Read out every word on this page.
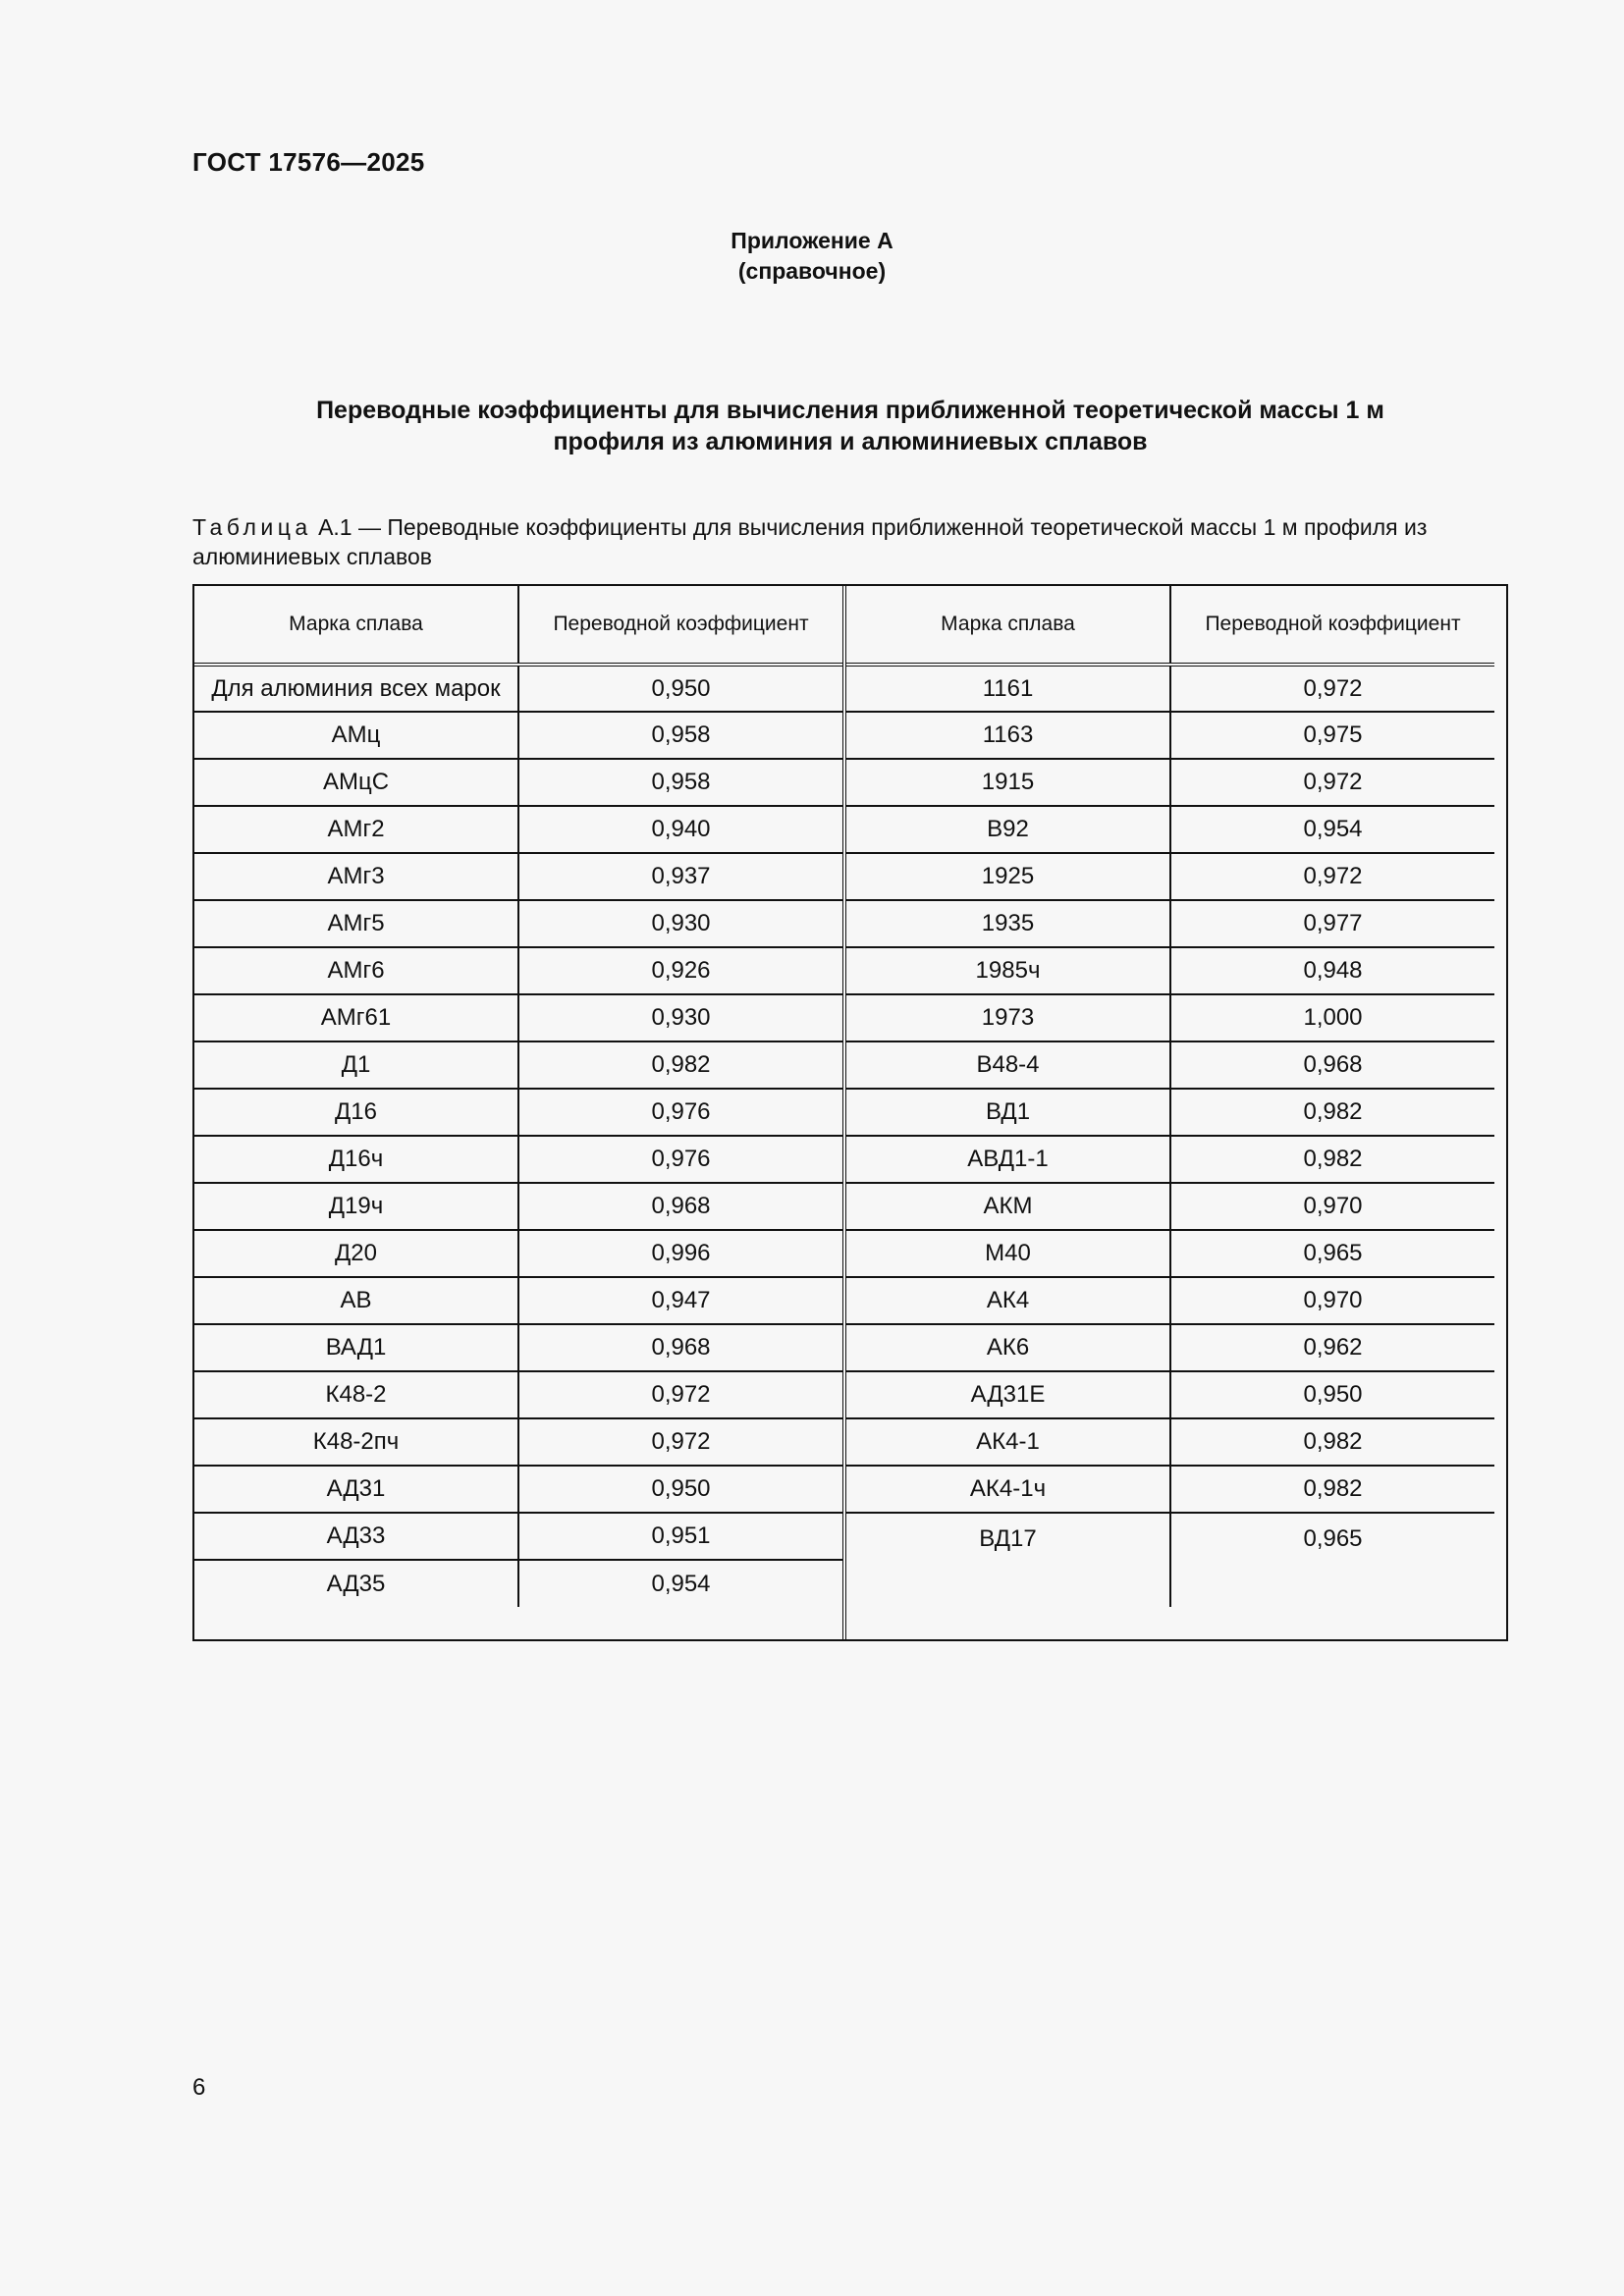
ГОСТ 17576—2025
Приложение А
(справочное)
Переводные коэффициенты для вычисления приближенной теоретической массы 1 м
профиля из алюминия и алюминиевых сплавов
Таблица А.1 — Переводные коэффициенты для вычисления приближенной теоретической массы 1 м профиля из алюминиевых сплавов
Марка сплава	Переводной коэффициент
Для алюминия всех марок	0,950
АМц	0,958
АМцС	0,958
АМг2	0,940
АМг3	0,937
АМг5	0,930
АМг6	0,926
АМг61	0,930
Д1	0,982
Д16	0,976
Д16ч	0,976
Д19ч	0,968
Д20	0,996
АВ	0,947
ВАД1	0,968
К48-2	0,972
К48-2пч	0,972
АД31	0,950
АД33	0,951
АД35	0,954
Марка сплава	Переводной коэффициент
1161	0,972
1163	0,975
1915	0,972
В92	0,954
1925	0,972
1935	0,977
1985ч	0,948
1973	1,000
В48-4	0,968
ВД1	0,982
АВД1-1	0,982
АКМ	0,970
М40	0,965
АК4	0,970
АК6	0,962
АД31Е	0,950
АК4-1	0,982
АК4-1ч	0,982
ВД17	0,965
6
